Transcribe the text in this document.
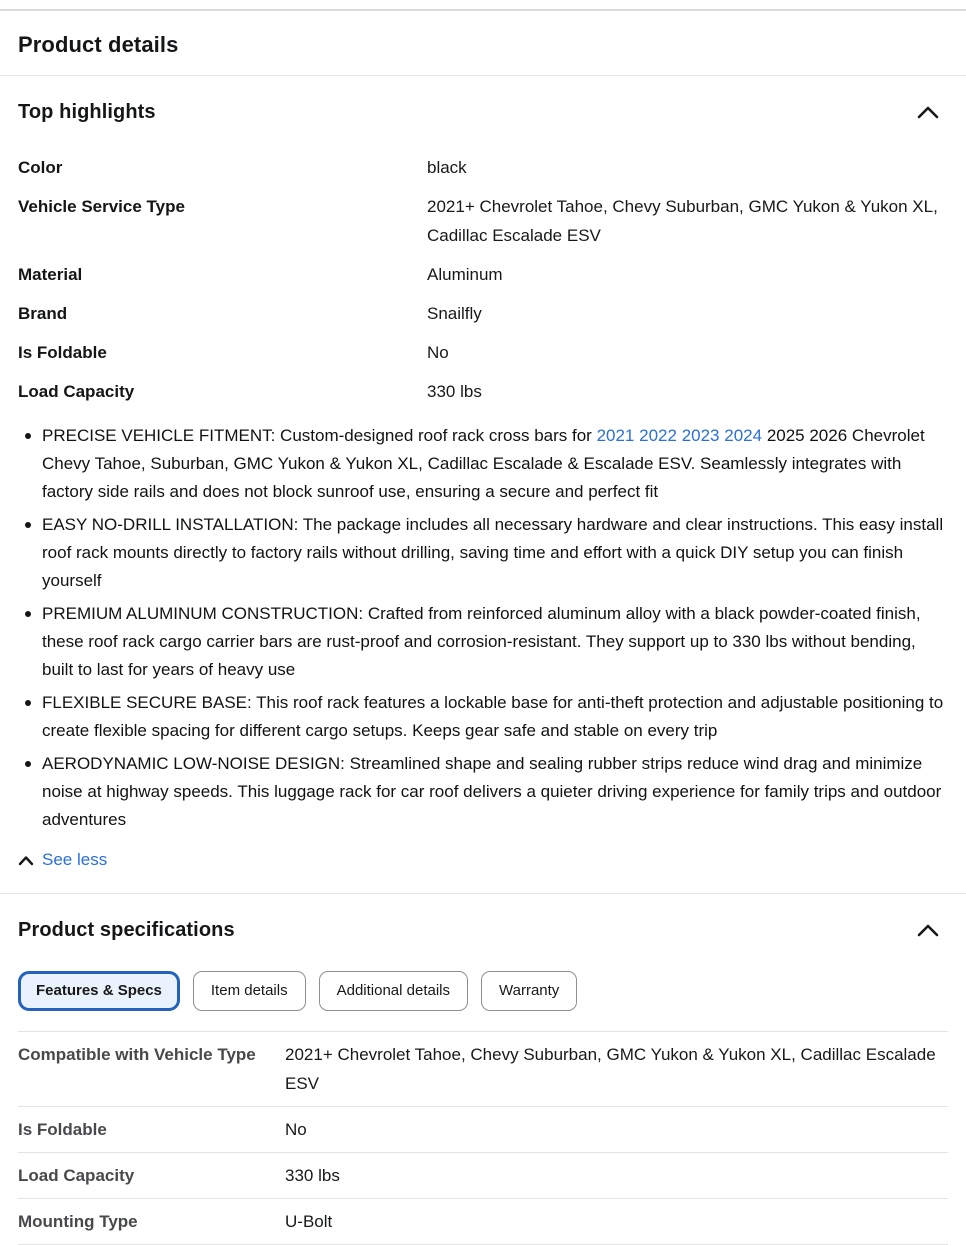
Product details
Top highlights
Color	black
Vehicle Service Type	2021+ Chevrolet Tahoe, Chevy Suburban, GMC Yukon & Yukon XL, Cadillac Escalade ESV
Material	Aluminum
Brand	Snailfly
Is Foldable	No
Load Capacity	330 lbs

PRECISE VEHICLE FITMENT: Custom-designed roof rack cross bars for 2021 2022 2023 2024 2025 2026 Chevrolet Chevy Tahoe, Suburban, GMC Yukon & Yukon XL, Cadillac Escalade & Escalade ESV. Seamlessly integrates with factory side rails and does not block sunroof use, ensuring a secure and perfect fit

EASY NO-DRILL INSTALLATION: The package includes all necessary hardware and clear instructions. This easy install roof rack mounts directly to factory rails without drilling, saving time and effort with a quick DIY setup you can finish yourself

PREMIUM ALUMINUM CONSTRUCTION: Crafted from reinforced aluminum alloy with a black powder-coated finish, these roof rack cargo carrier bars are rust-proof and corrosion-resistant. They support up to 330 lbs without bending, built to last for years of heavy use

FLEXIBLE SECURE BASE: This roof rack features a lockable base for anti-theft protection and adjustable positioning to create flexible spacing for different cargo setups. Keeps gear safe and stable on every trip

AERODYNAMIC LOW-NOISE DESIGN: Streamlined shape and sealing rubber strips reduce wind drag and minimize noise at highway speeds. This luggage rack for car roof delivers a quieter driving experience for family trips and outdoor adventures

See less
Product specifications
Features & Specs	Item details	Additional details	Warranty
Compatible with Vehicle Type	2021+ Chevrolet Tahoe, Chevy Suburban, GMC Yukon & Yukon XL, Cadillac Escalade ESV
Is Foldable	No
Load Capacity	330 lbs
Mounting Type	U-Bolt
